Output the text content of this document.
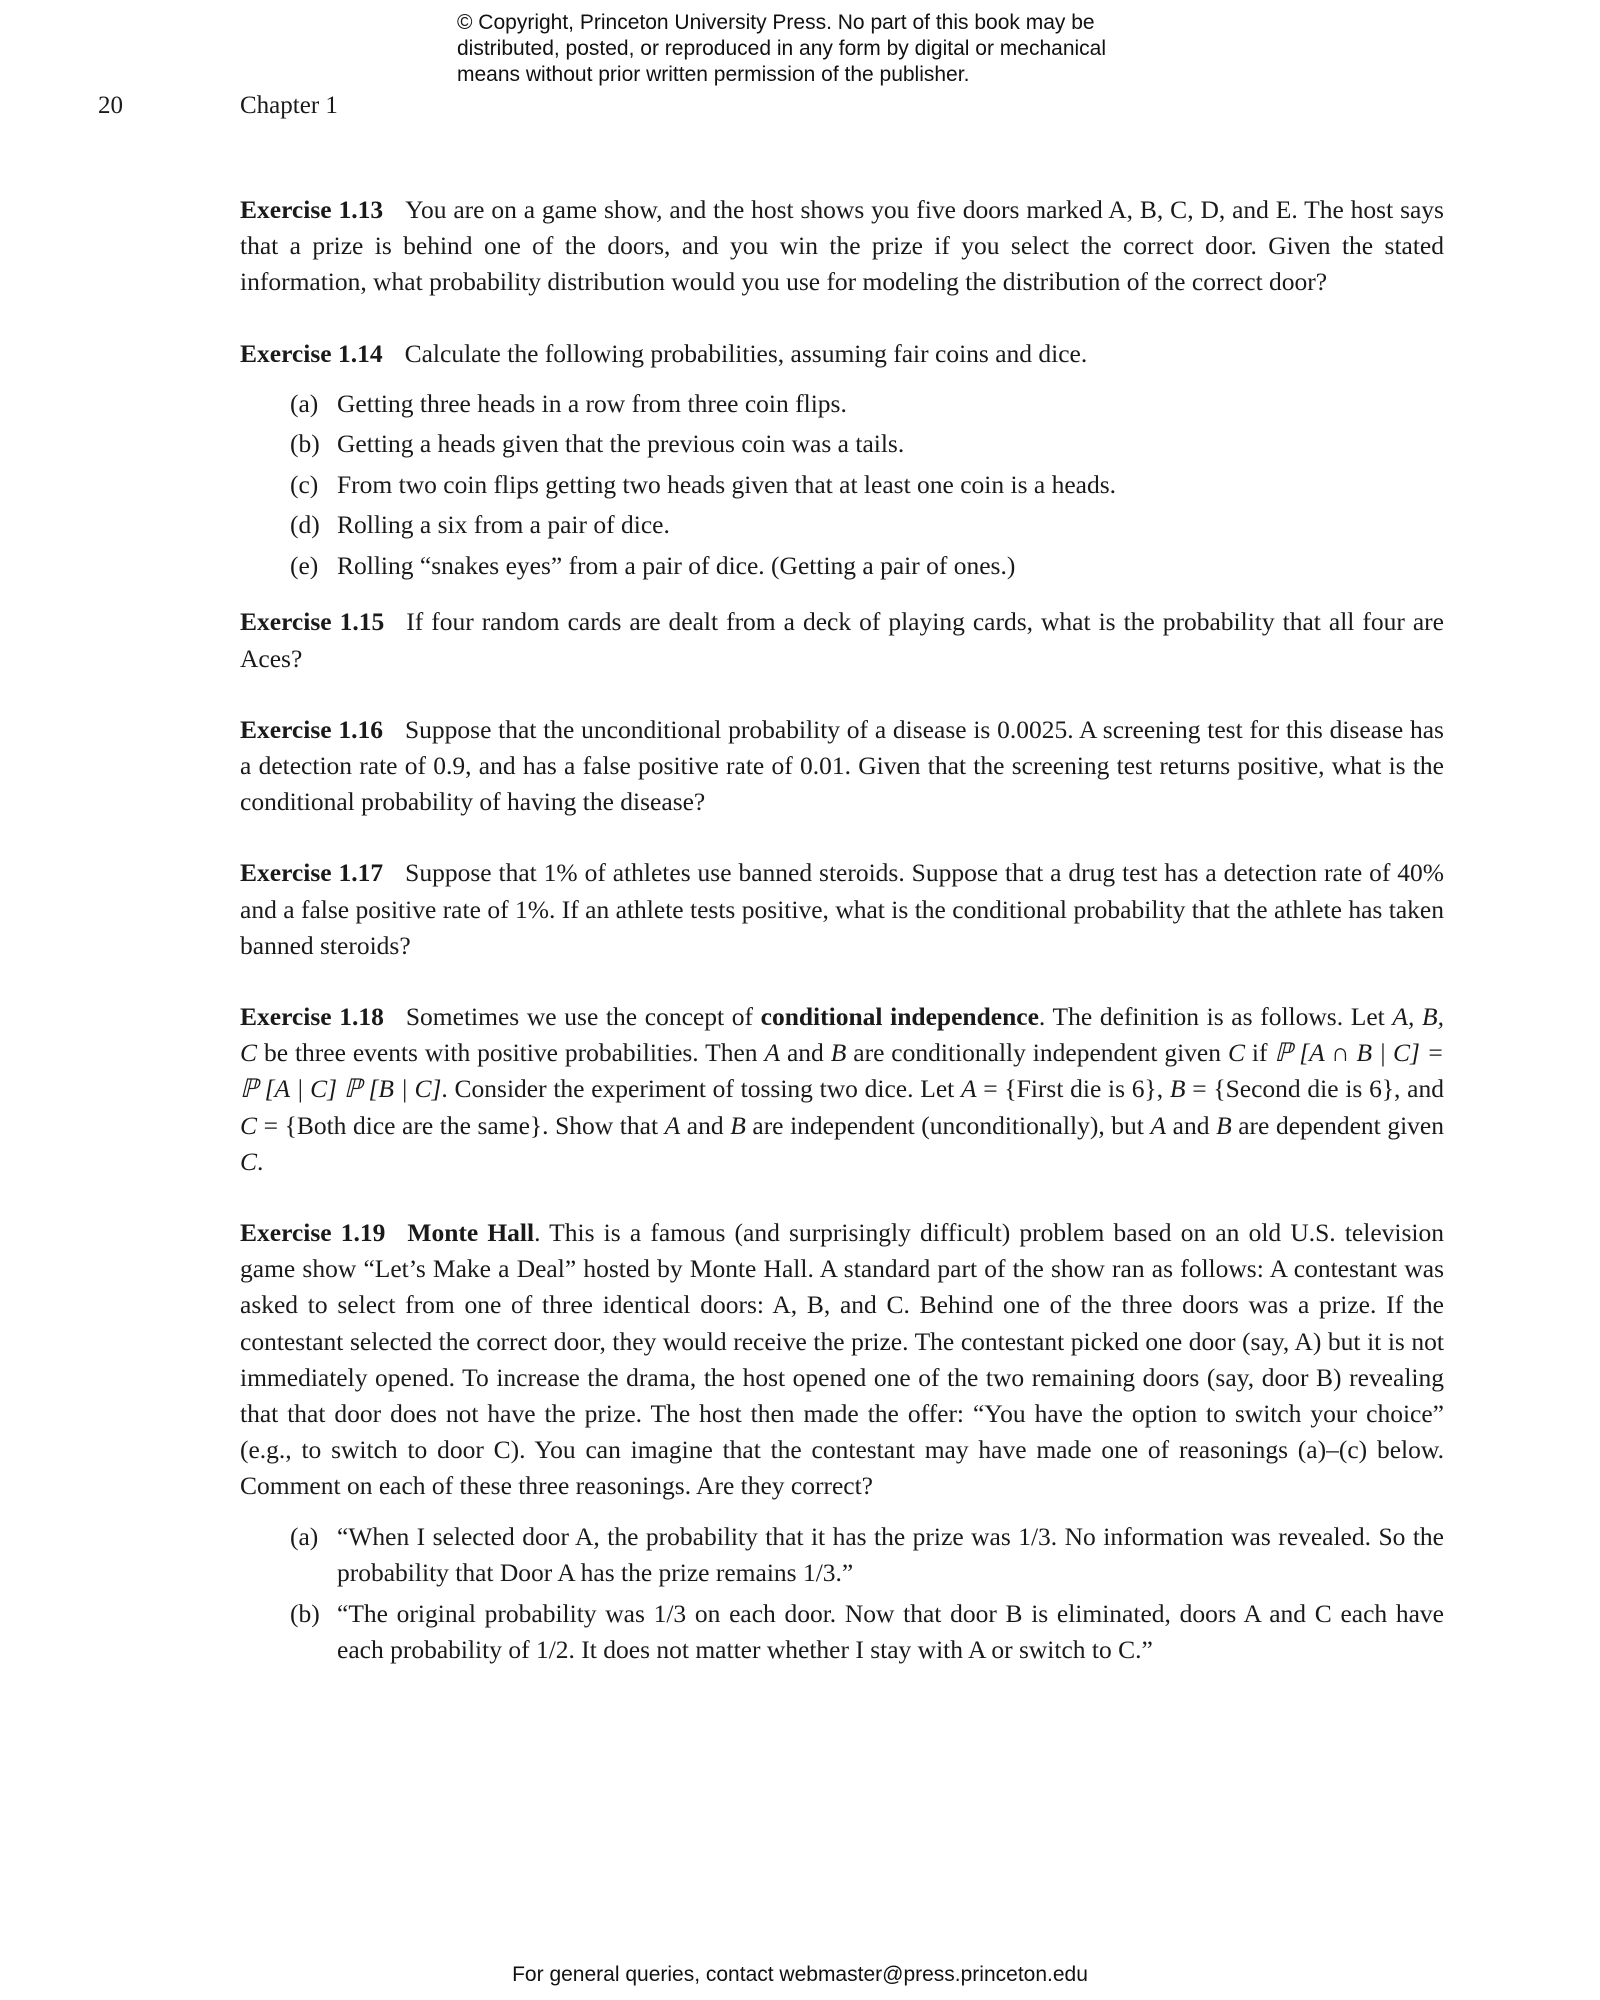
© Copyright, Princeton University Press. No part of this book may be
distributed, posted, or reproduced in any form by digital or mechanical
means without prior written permission of the publisher.
20	Chapter 1

Exercise 1.13 You are on a game show, and the host shows you five doors marked A, B, C, D, and E. The host says that a prize is behind one of the doors, and you win the prize if you select the correct door. Given the stated information, what probability distribution would you use for modeling the distribution of the correct door?

Exercise 1.14 Calculate the following probabilities, assuming fair coins and dice.

(a) Getting three heads in a row from three coin flips.
(b) Getting a heads given that the previous coin was a tails.
(c) From two coin flips getting two heads given that at least one coin is a heads.
(d) Rolling a six from a pair of dice.
(e) Rolling “snakes eyes” from a pair of dice. (Getting a pair of ones.)

Exercise 1.15 If four random cards are dealt from a deck of playing cards, what is the probability that all four are Aces?

Exercise 1.16 Suppose that the unconditional probability of a disease is 0.0025. A screening test for this disease has a detection rate of 0.9, and has a false positive rate of 0.01. Given that the screening test returns positive, what is the conditional probability of having the disease?

Exercise 1.17 Suppose that 1% of athletes use banned steroids. Suppose that a drug test has a detection rate of 40% and a false positive rate of 1%. If an athlete tests positive, what is the conditional probability that the athlete has taken banned steroids?

Exercise 1.18 Sometimes we use the concept of conditional independence. The definition is as follows. Let A, B, C be three events with positive probabilities. Then A and B are conditionally independent given C if ℙ [A ∩ B | C] = ℙ [A | C] ℙ [B | C]. Consider the experiment of tossing two dice. Let A = {First die is 6}, B = {Second die is 6}, and C = {Both dice are the same}. Show that A and B are independent (unconditionally), but A and B are dependent given C.

Exercise 1.19 Monte Hall. This is a famous (and surprisingly difficult) problem based on an old U.S. television game show “Let’s Make a Deal” hosted by Monte Hall. A standard part of the show ran as follows: A contestant was asked to select from one of three identical doors: A, B, and C. Behind one of the three doors was a prize. If the contestant selected the correct door, they would receive the prize. The contestant picked one door (say, A) but it is not immediately opened. To increase the drama, the host opened one of the two remaining doors (say, door B) revealing that that door does not have the prize. The host then made the offer: “You have the option to switch your choice” (e.g., to switch to door C). You can imagine that the contestant may have made one of reasonings (a)–(c) below. Comment on each of these three reasonings. Are they correct?

(a) “When I selected door A, the probability that it has the prize was 1/3. No information was revealed. So the probability that Door A has the prize remains 1/3.”
(b) “The original probability was 1/3 on each door. Now that door B is eliminated, doors A and C each have each probability of 1/2. It does not matter whether I stay with A or switch to C.”
For general queries, contact webmaster@press.princeton.edu
